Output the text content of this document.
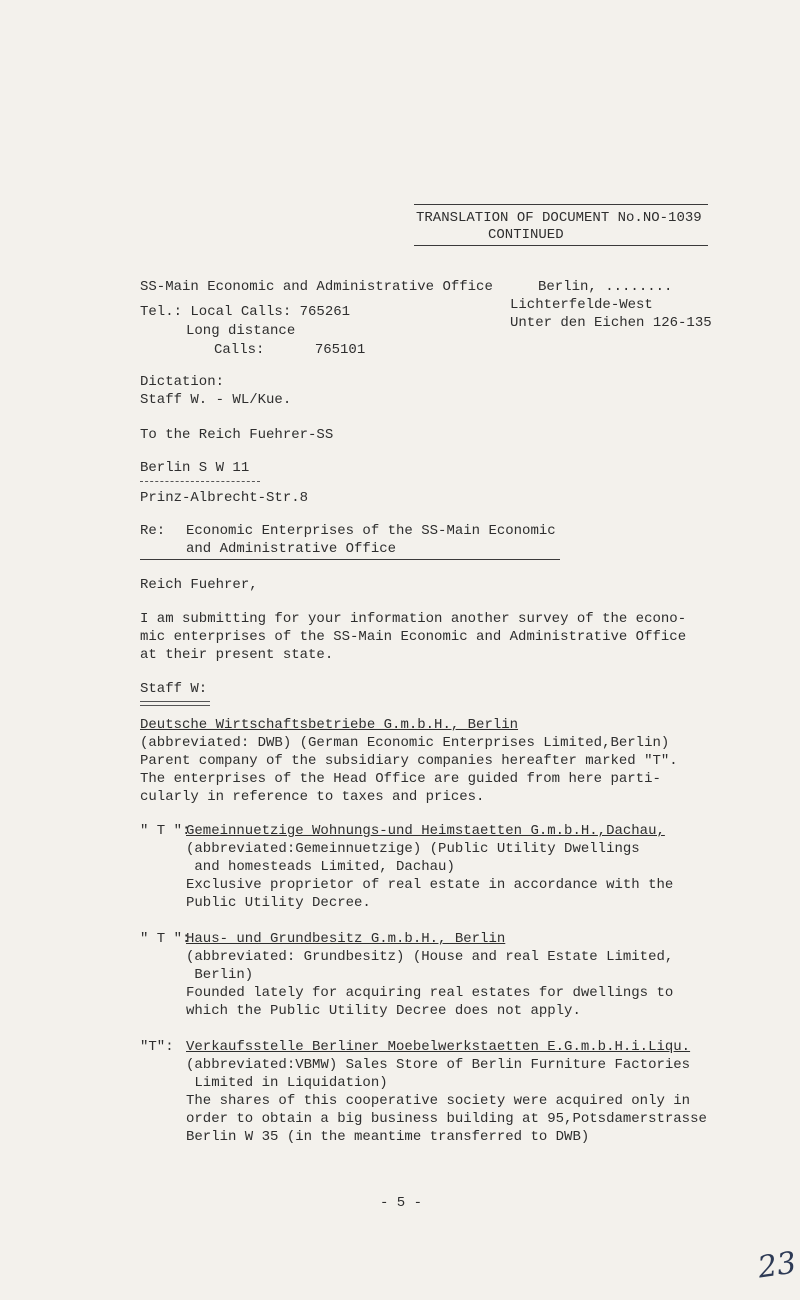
TRANSLATION OF DOCUMENT No.NO-1039
CONTINUED
SS-Main Economic and Administrative Office
Tel.: Local Calls: 765261
Long distance
Calls:      765101
Berlin, ........
Lichterfelde-West
Unter den Eichen 126-135
Dictation:
Staff W. - WL/Kue.
To the Reich Fuehrer-SS
Berlin S W 11
Prinz-Albrecht-Str.8
Re: Economic Enterprises of the SS-Main Economic
and Administrative Office
Reich Fuehrer,
I am submitting for your information another survey of the econo-
mic enterprises of the SS-Main Economic and Administrative Office
at their present state.
Staff W:
Deutsche Wirtschaftsbetriebe G.m.b.H., Berlin
(abbreviated: DWB) (German Economic Enterprises Limited,Berlin)
Parent company of the subsidiary companies hereafter marked "T".
The enterprises of the Head Office are guided from here parti-
cularly in reference to taxes and prices.
" T ":
Gemeinnuetzige Wohnungs-und Heimstaetten G.m.b.H.,Dachau,
(abbreviated:Gemeinnuetzige) (Public Utility Dwellings
and homesteads Limited, Dachau)
Exclusive proprietor of real estate in accordance with the
Public Utility Decree.
" T ":
Haus- und Grundbesitz G.m.b.H., Berlin
(abbreviated: Grundbesitz) (House and real Estate Limited,
Berlin)
Founded lately for acquiring real estates for dwellings to
which the Public Utility Decree does not apply.
"T": Verkaufsstelle Berliner Moebelwerkstaetten E.G.m.b.H.i.Liqu.
(abbreviated:VBMW) Sales Store of Berlin Furniture Factories
Limited in Liquidation)
The shares of this cooperative society were acquired only in
order to obtain a big business building at 95,Potsdamerstrasse
Berlin W 35 (in the meantime transferred to DWB)
- 5 -
23
